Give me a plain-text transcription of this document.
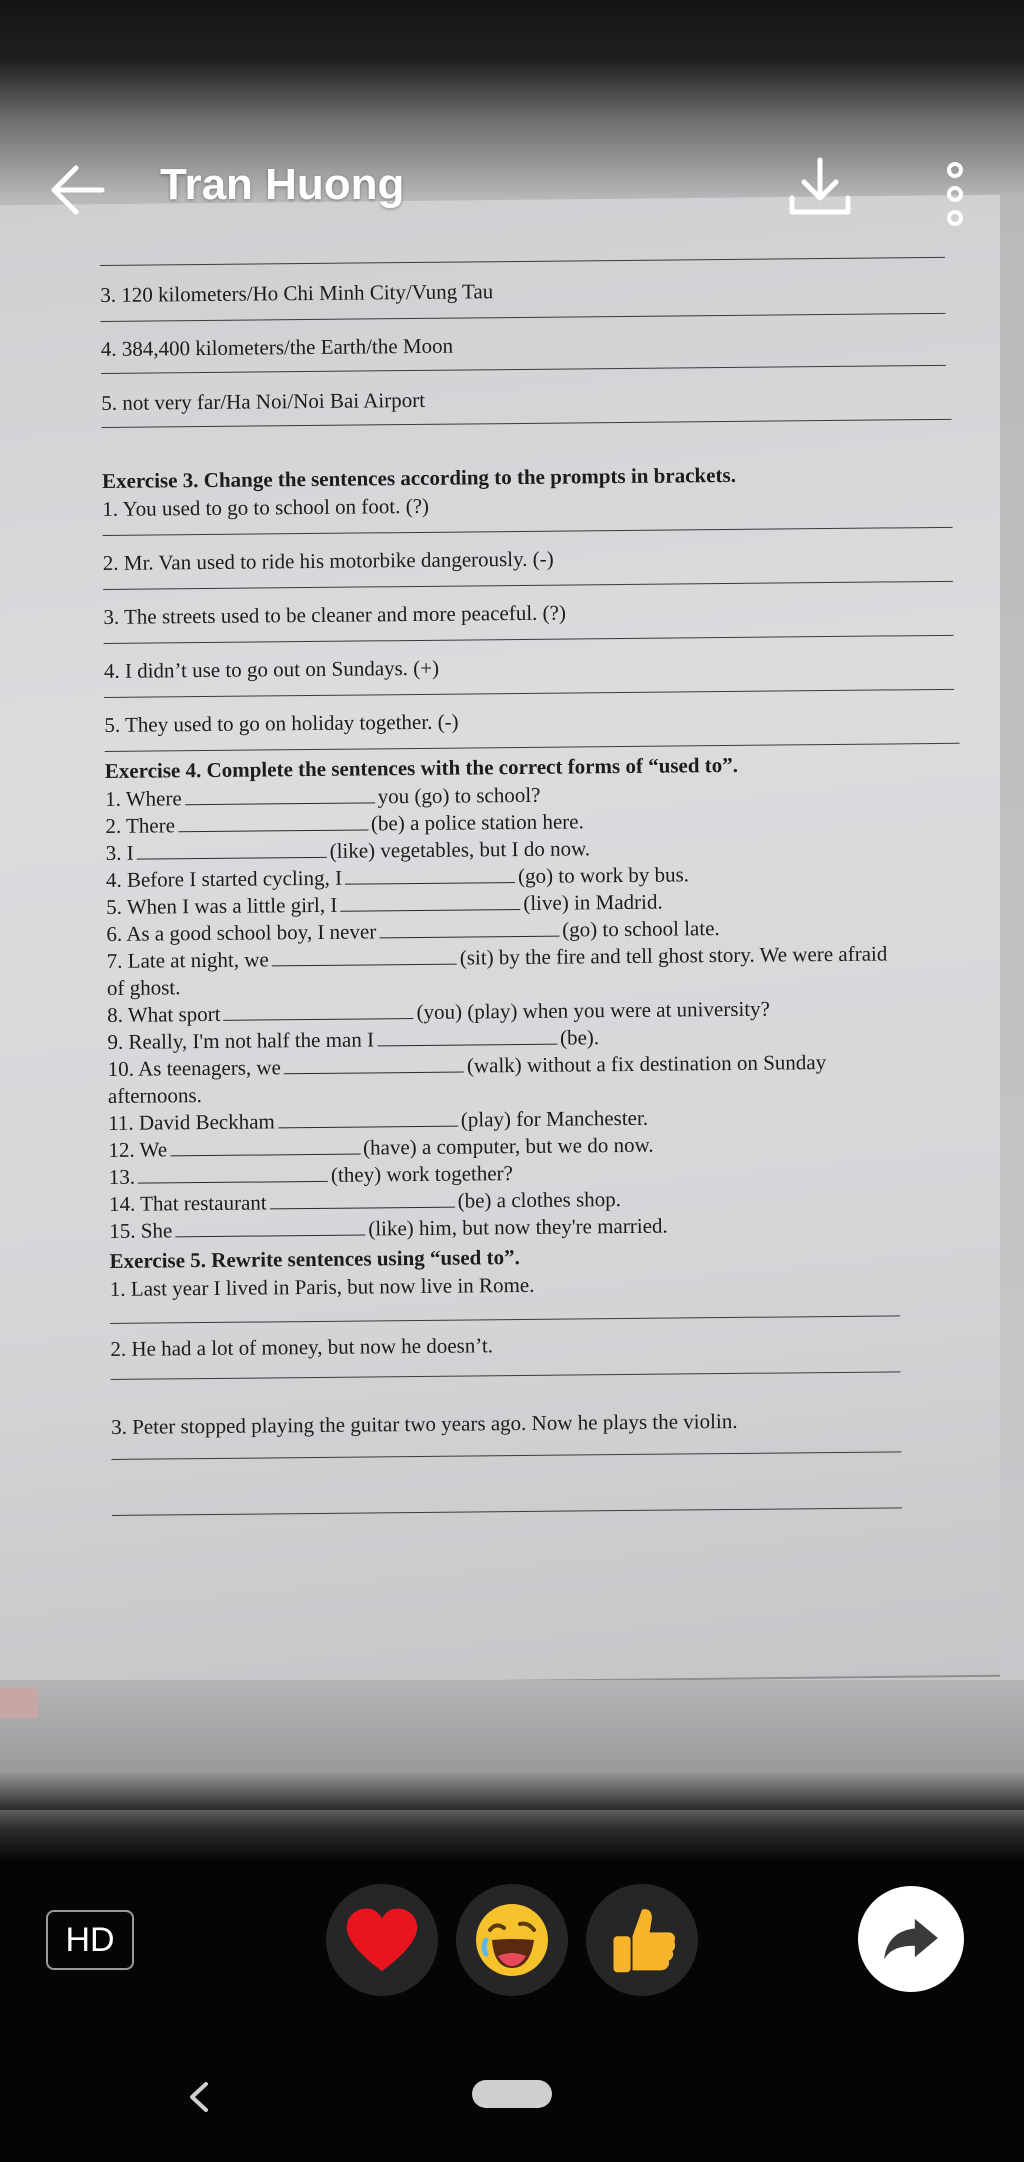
3. 120 kilometers/Ho Chi Minh City/Vung Tau
4. 384,400 kilometers/the Earth/the Moon
5. not very far/Ha Noi/Noi Bai Airport
Exercise 3. Change the sentences according to the prompts in brackets.
1. You used to go to school on foot. (?)
2. Mr. Van used to ride his motorbike dangerously. (-)
3. The streets used to be cleaner and more peaceful. (?)
4. I didn’t use to go out on Sundays. (+)
5. They used to go on holiday together. (-)
Exercise 4. Complete the sentences with the correct forms of “used to”.
1. Where	you (go) to school?
2. There	(be) a police station here.
3. I	(like) vegetables, but I do now.
4. Before I started cycling, I	(go) to work by bus.
5. When I was a little girl, I	(live) in Madrid.
6. As a good school boy, I never	(go) to school late.
7. Late at night, we	(sit) by the fire and tell ghost story. We were afraid
of ghost.
8. What sport	(you) (play) when you were at university?
9. Really, I'm not half the man I	(be).
10. As teenagers, we	(walk) without a fix destination on Sunday
afternoons.
11. David Beckham	(play) for Manchester.
12. We	(have) a computer, but we do now.
13.	(they) work together?
14. That restaurant	(be) a clothes shop.
15. She	(like) him, but now they're married.
Exercise 5. Rewrite sentences using “used to”.
1. Last year I lived in Paris, but now live in Rome.
2. He had a lot of money, but now he doesn’t.
3. Peter stopped playing the guitar two years ago. Now he plays the violin.
Tran Huong
HD
